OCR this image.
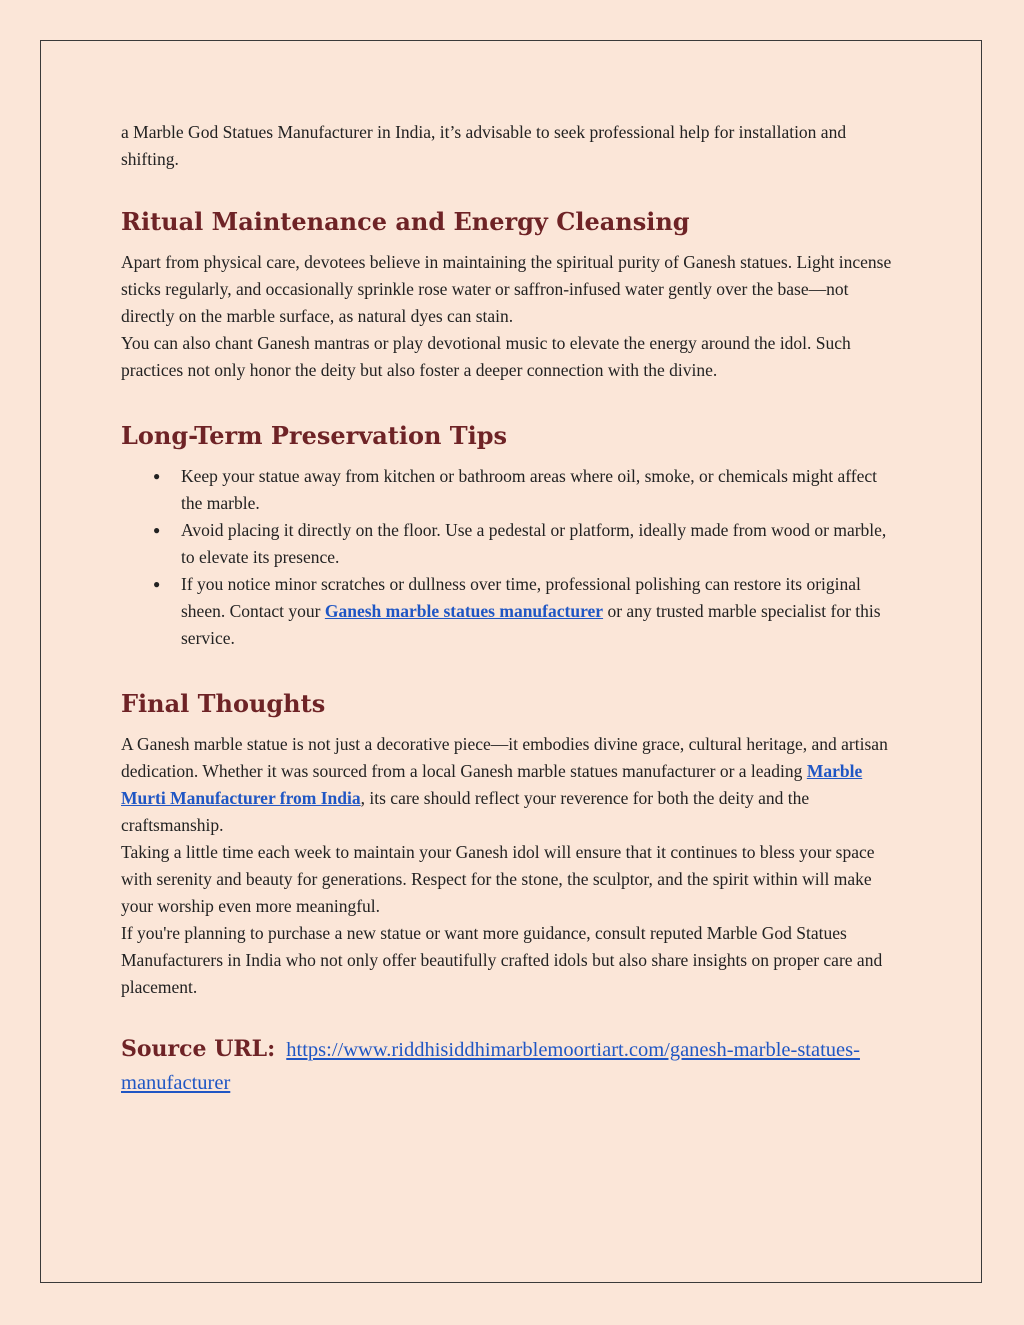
a Marble God Statues Manufacturer in India, it’s advisable to seek professional help for installation and shifting.

Ritual Maintenance and Energy Cleansing

Apart from physical care, devotees believe in maintaining the spiritual purity of Ganesh statues. Light incense sticks regularly, and occasionally sprinkle rose water or saffron-infused water gently over the base—not directly on the marble surface, as natural dyes can stain.

You can also chant Ganesh mantras or play devotional music to elevate the energy around the idol. Such practices not only honor the deity but also foster a deeper connection with the divine.

Long-Term Preservation Tips
● Keep your statue away from kitchen or bathroom areas where oil, smoke, or chemicals might affect the marble.
● Avoid placing it directly on the floor. Use a pedestal or platform, ideally made from wood or marble, to elevate its presence.
● If you notice minor scratches or dullness over time, professional polishing can restore its original sheen. Contact your Ganesh marble statues manufacturer or any trusted marble specialist for this service.
Final Thoughts

A Ganesh marble statue is not just a decorative piece—it embodies divine grace, cultural heritage, and artisan dedication. Whether it was sourced from a local Ganesh marble statues manufacturer or a leading Marble Murti Manufacturer from India, its care should reflect your reverence for both the deity and the craftsmanship.

Taking a little time each week to maintain your Ganesh idol will ensure that it continues to bless your space with serenity and beauty for generations. Respect for the stone, the sculptor, and the spirit within will make your worship even more meaningful.

If you're planning to purchase a new statue or want more guidance, consult reputed Marble God Statues Manufacturers in India who not only offer beautifully crafted idols but also share insights on proper care and placement.

Source URL: https://www.riddhisiddhimarblemoortiart.com/ganesh-marble-statues-manufacturer
